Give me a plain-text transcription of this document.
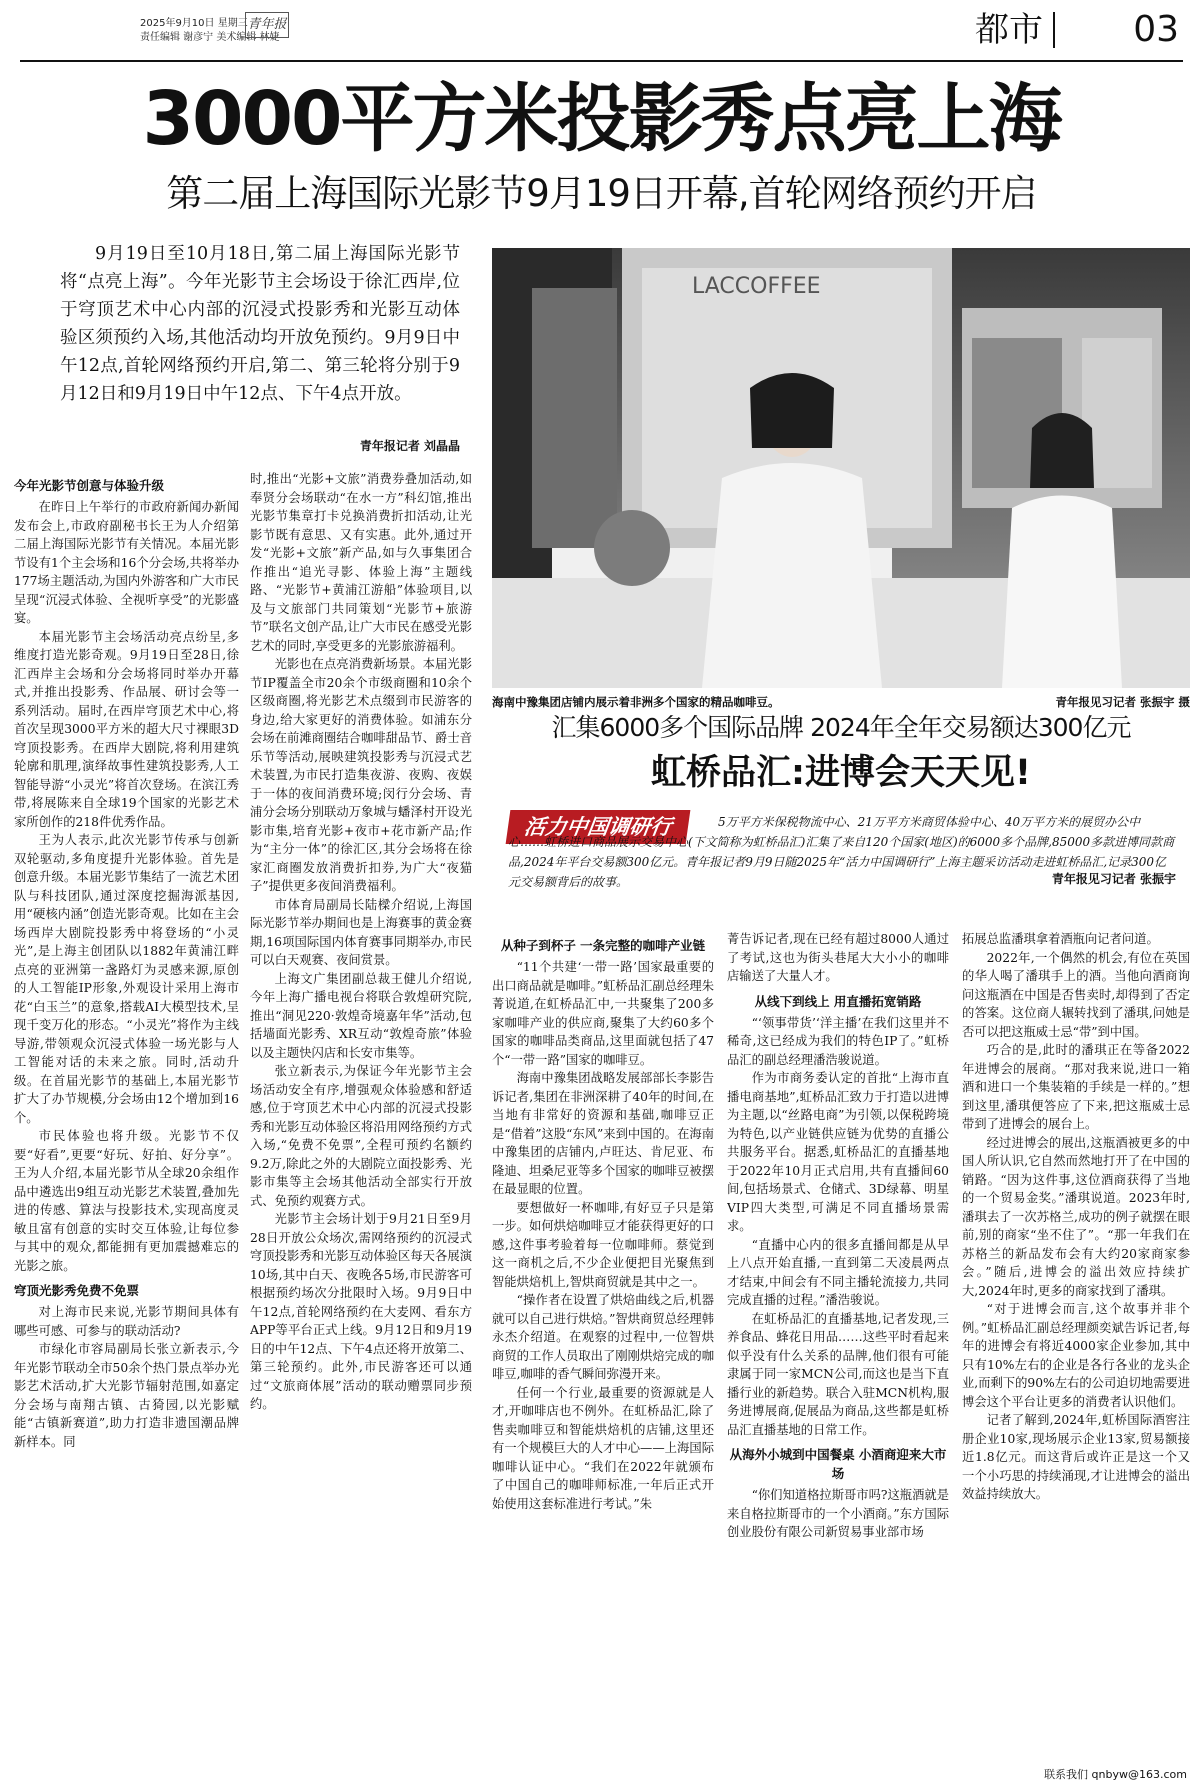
2025年9月10日 星期三
责任编辑 谢彦宁 美术编辑 林婕
青年报	都市	03
3000平方米投影秀点亮上海
第二届上海国际光影节9月19日开幕,首轮网络预约开启
9月19日至10月18日,第二届上海国际光影节将“点亮上海”。今年光影节主会场设于徐汇西岸,位于穹顶艺术中心内部的沉浸式投影秀和光影互动体验区须预约入场,其他活动均开放免预约。9月9日中午12点,首轮网络预约开启,第二、第三轮将分别于9月12日和9月19日中午12点、下午4点开放。
青年报记者 刘晶晶
今年光影节创意与体验升级

在昨日上午举行的市政府新闻办新闻发布会上,市政府副秘书长王为人介绍第二届上海国际光影节有关情况。本届光影节设有1个主会场和16个分会场,共将举办177场主题活动,为国内外游客和广大市民呈现“沉浸式体验、全视听享受”的光影盛宴。

本届光影节主会场活动亮点纷呈,多维度打造光影奇观。9月19日至28日,徐汇西岸主会场和分会场将同时举办开幕式,并推出投影秀、作品展、研讨会等一系列活动。届时,在西岸穹顶艺术中心,将首次呈现3000平方米的超大尺寸裸眼3D穹顶投影秀。在西岸大剧院,将利用建筑轮廓和肌理,演绎故事性建筑投影秀,人工智能导游“小灵光”将首次登场。在滨江秀带,将展陈来自全球19个国家的光影艺术家所创作的218件优秀作品。

王为人表示,此次光影节传承与创新双轮驱动,多角度提升光影体验。首先是创意升级。本届光影节集结了一流艺术团队与科技团队,通过深度挖掘海派基因,用“硬核内涵”创造光影奇观。比如在主会场西岸大剧院投影秀中将登场的“小灵光”,是上海主创团队以1882年黄浦江畔点亮的亚洲第一盏路灯为灵感来源,原创的人工智能IP形象,外观设计采用上海市花“白玉兰”的意象,搭载AI大模型技术,呈现千变万化的形态。“小灵光”将作为主线导游,带领观众沉浸式体验一场光影与人工智能对话的未来之旅。同时,活动升级。在首届光影节的基础上,本届光影节扩大了办节规模,分会场由12个增加到16个。

市民体验也将升级。光影节不仅要“好看”,更要“好玩、好拍、好分享”。王为人介绍,本届光影节从全球20余组作品中遴选出9组互动光影艺术装置,叠加先进的传感、算法与投影技术,实现高度灵敏且富有创意的实时交互体验,让每位参与其中的观众,都能拥有更加震撼难忘的光影之旅。

穹顶光影秀免费不免票

对上海市民来说,光影节期间具体有哪些可感、可参与的联动活动?

市绿化市容局副局长张立新表示,今年光影节联动全市50余个热门景点举办光影艺术活动,扩大光影节辐射范围,如嘉定分会场与南翔古镇、古猗园,以光影赋能“古镇新赛道”,助力打造非遗国潮品牌新样本。同

时,推出“光影+文旅”消费券叠加活动,如奉贤分会场联动“在水一方”科幻馆,推出光影节集章打卡兑换消费折扣活动,让光影节既有意思、又有实惠。此外,通过开发“光影+文旅”新产品,如与久事集团合作推出“追光寻影、体验上海”主题线路、“光影节+黄浦江游船”体验项目,以及与文旅部门共同策划“光影节+旅游节”联名文创产品,让广大市民在感受光影艺术的同时,享受更多的光影旅游福利。

光影也在点亮消费新场景。本届光影节IP覆盖全市20余个市级商圈和10余个区级商圈,将光影艺术点缀到市民游客的身边,给大家更好的消费体验。如浦东分会场在前滩商圈结合咖啡甜品节、爵士音乐节等活动,展映建筑投影秀与沉浸式艺术装置,为市民打造集夜游、夜购、夜娱于一体的夜间消费环境;闵行分会场、青浦分会场分别联动万象城与蟠泽村开设光影市集,培育光影+夜市+花市新产品;作为“主分一体”的徐汇区,其分会场将在徐家汇商圈发放消费折扣券,为广大“夜猫子”提供更多夜间消费福利。

市体育局副局长陆樑介绍说,上海国际光影节举办期间也是上海赛事的黄金赛期,16项国际国内体育赛事同期举办,市民可以白天观赛、夜间赏景。

上海文广集团副总裁王健儿介绍说,今年上海广播电视台将联合敦煌研究院,推出“洞见220·敦煌奇境嘉年华”活动,包括墙面光影秀、XR互动“敦煌奇旅”体验以及主题快闪店和长安市集等。

张立新表示,为保证今年光影节主会场活动安全有序,增强观众体验感和舒适感,位于穹顶艺术中心内部的沉浸式投影秀和光影互动体验区将沿用网络预约方式入场,“免费不免票”,全程可预约名额约9.2万,除此之外的大剧院立面投影秀、光影市集等主会场其他活动全部实行开放式、免预约观赛方式。

光影节主会场计划于9月21日至9月28日开放公众场次,需网络预约的沉浸式穹顶投影秀和光影互动体验区每天各展演10场,其中白天、夜晚各5场,市民游客可根据预约场次分批限时入场。9月9日中午12点,首轮网络预约在大麦网、看东方APP等平台正式上线。9月12日和9月19日的中午12点、下午4点还将开放第二、第三轮预约。此外,市民游客还可以通过“文旅商体展”活动的联动赠票同步预约。

LACCOFFEE
海南中豫集团店铺内展示着非洲多个国家的精品咖啡豆。	青年报见习记者 张振宇 摄
汇集6000多个国际品牌 2024年全年交易额达300亿元
虹桥品汇:进博会天天见!
活力中国调研行	5万平方米保税物流中心、21万平方米商贸体验中心、40万平方米的展贸办公中心……虹桥进口商品展示交易中心(下文简称为虹桥品汇)汇集了来自120个国家(地区)的6000多个品牌,85000多款进博同款商品,2024年平台交易额300亿元。青年报记者9月9日随2025年“活力中国调研行”上海主题采访活动走进虹桥品汇,记录300亿元交易额背后的故事。	青年报见习记者 张振宇
从种子到杯子 一条完整的咖啡产业链

“11个共建‘一带一路’国家最重要的出口商品就是咖啡。”虹桥品汇副总经理朱菁说道,在虹桥品汇中,一共聚集了200多家咖啡产业的供应商,聚集了大约60多个国家的咖啡品类商品,这里面就包括了47个“一带一路”国家的咖啡豆。

海南中豫集团战略发展部部长李影告诉记者,集团在非洲深耕了40年的时间,在当地有非常好的资源和基础,咖啡豆正是“借着”这股“东风”来到中国的。在海南中豫集团的店铺内,卢旺达、肯尼亚、布隆迪、坦桑尼亚等多个国家的咖啡豆被摆在最显眼的位置。

要想做好一杯咖啡,有好豆子只是第一步。如何烘焙咖啡豆才能获得更好的口感,这件事考验着每一位咖啡师。蔡觉到这一商机之后,不少企业便把目光聚焦到智能烘焙机上,智烘商贸就是其中之一。

“操作者在设置了烘焙曲线之后,机器就可以自己进行烘焙。”智烘商贸总经理韩永杰介绍道。在观察的过程中,一位智烘商贸的工作人员取出了刚刚烘焙完成的咖啡豆,咖啡的香气瞬间弥漫开来。

任何一个行业,最重要的资源就是人才,开咖啡店也不例外。在虹桥品汇,除了售卖咖啡豆和智能烘焙机的店铺,这里还有一个规模巨大的人才中心——上海国际咖啡认证中心。“我们在2022年就颁布了中国自己的咖啡师标准,一年后正式开始使用这套标准进行考试。”朱

菁告诉记者,现在已经有超过8000人通过了考试,这也为街头巷尾大大小小的咖啡店输送了大量人才。

从线下到线上 用直播拓宽销路

“‘领事带货’‘洋主播’在我们这里并不稀奇,这已经成为我们的特色IP了。”虹桥品汇的副总经理潘浩骏说道。

作为市商务委认定的首批“上海市直播电商基地”,虹桥品汇致力于打造以进博为主题,以“丝路电商”为引领,以保税跨境为特色,以产业链供应链为优势的直播公共服务平台。据悉,虹桥品汇的直播基地于2022年10月正式启用,共有直播间60间,包括场景式、仓储式、3D绿幕、明星VIP四大类型,可满足不同直播场景需求。

“直播中心内的很多直播间都是从早上八点开始直播,一直到第二天凌晨两点才结束,中间会有不同主播轮流接力,共同完成直播的过程。”潘浩骏说。

在虹桥品汇的直播基地,记者发现,三养食品、蜂花日用品……这些平时看起来似乎没有什么关系的品牌,他们很有可能隶属于同一家MCN公司,而这也是当下直播行业的新趋势。联合入驻MCN机构,服务进博展商,促展品为商品,这些都是虹桥品汇直播基地的日常工作。

从海外小城到中国餐桌 小酒商迎来大市场

“你们知道格拉斯哥市吗?这瓶酒就是来自格拉斯哥市的一个小酒商。”东方国际创业股份有限公司新贸易事业部市场

拓展总监潘琪拿着酒瓶向记者问道。

2022年,一个偶然的机会,有位在英国的华人喝了潘琪手上的酒。当他向酒商询问这瓶酒在中国是否售卖时,却得到了否定的答案。这位商人辗转找到了潘琪,问她是否可以把这瓶威士忌“带”到中国。

巧合的是,此时的潘琪正在等备2022年进博会的展商。“那对我来说,进口一箱酒和进口一个集装箱的手续是一样的。”想到这里,潘琪便答应了下来,把这瓶威士忌带到了进博会的展台上。

经过进博会的展出,这瓶酒被更多的中国人所认识,它自然而然地打开了在中国的销路。“因为这件事,这位酒商获得了当地的一个贸易金奖。”潘琪说道。2023年时,潘琪去了一次苏格兰,成功的例子就摆在眼前,别的商家“坐不住了”。“那一年我们在苏格兰的新品发布会有大约20家商家参会。”随后,进博会的溢出效应持续扩大,2024年时,更多的商家找到了潘琪。

“对于进博会而言,这个故事并非个例。”虹桥品汇副总经理颜奕斌告诉记者,每年的进博会有将近4000家企业参加,其中只有10%左右的企业是各行各业的龙头企业,而剩下的90%左右的公司迫切地需要进博会这个平台让更多的消费者认识他们。

记者了解到,2024年,虹桥国际酒窖注册企业10家,现场展示企业13家,贸易额接近1.8亿元。而这背后或许正是这一个又一个小巧思的持续涌现,才让进博会的溢出效益持续放大。

联系我们 qnbyw@163.com
